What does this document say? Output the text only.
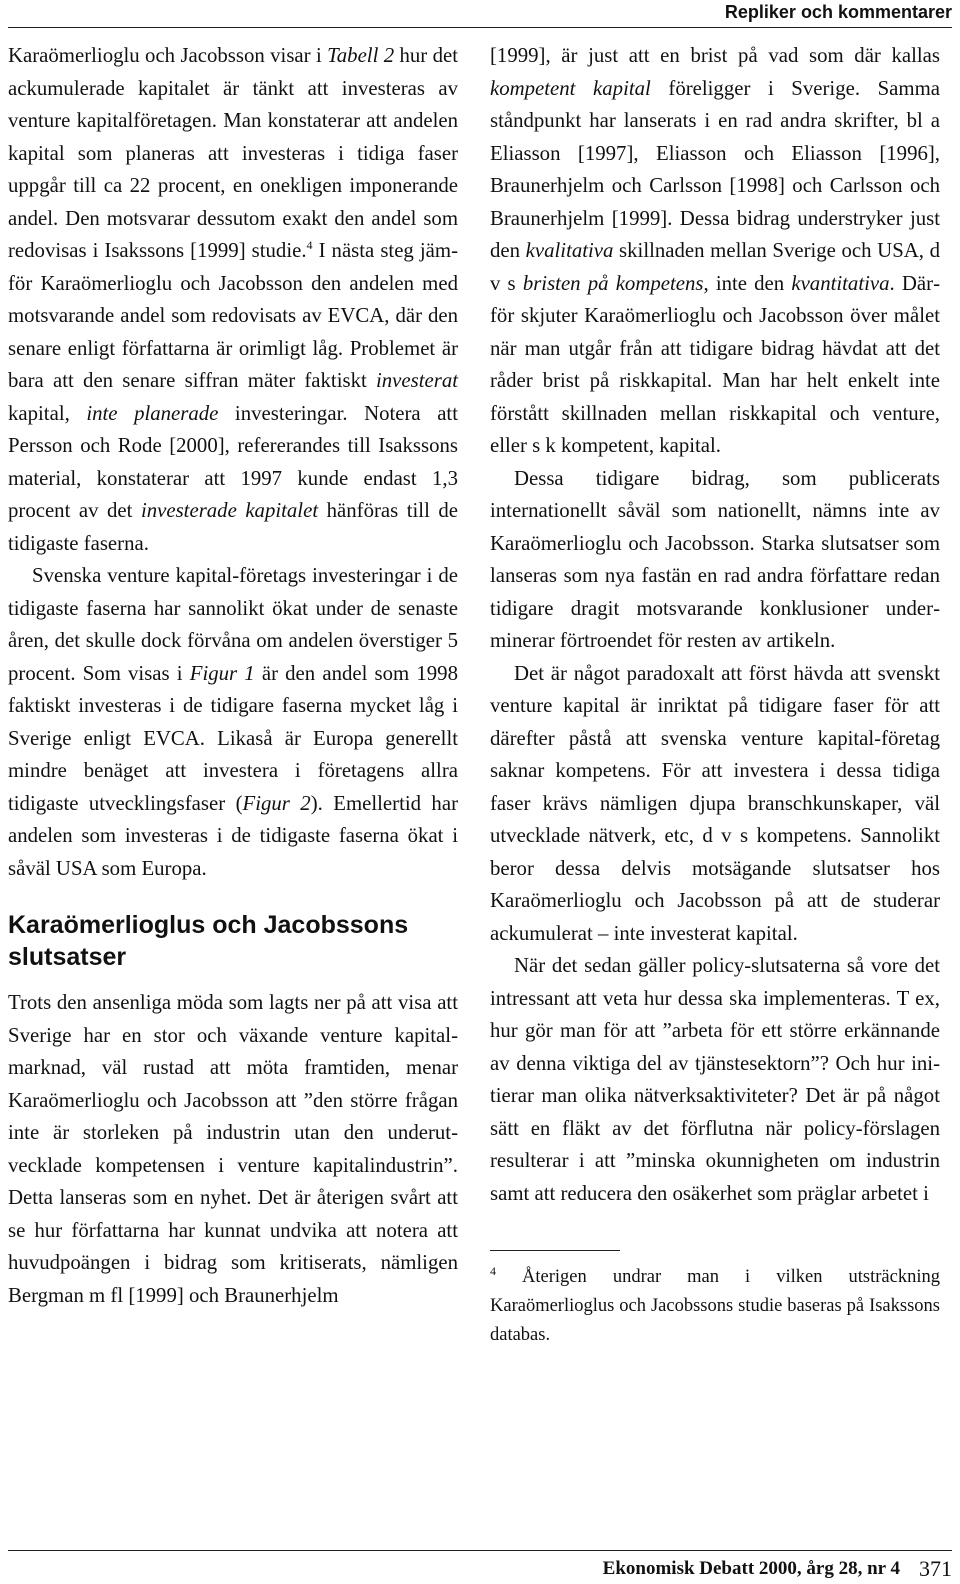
Repliker och kommentarer

Karaömerlioglu och Jacobsson visar i Tabell 2 hur det ackumulerade kapitalet är tänkt att investeras av venture kapitalföretagen. Man konstaterar att andelen kapital som planeras att investeras i tidiga faser uppgår till ca 22 procent, en onekligen imponerande andel. Den motsvarar dessutom exakt den andel som redovisas i Isakssons [1999] studie.$^4$ I nästa steg jämför Karaömerlioglu och Jacobsson den andelen med motsvarande andel som redovisats av EVCA, där den senare enligt författarna är orimligt låg. Problemet är bara att den senare siffran mäter faktiskt investerat kapital, inte planerade investeringar. Notera att Persson och Rode [2000], refererandes till Isakssons material, konstaterar att 1997 kunde endast 1,3 procent av det investerade kapitalet hänföras till de tidigaste faserna.

Svenska venture kapital-företags investeringar i de tidigaste faserna har sannolikt ökat under de senaste åren, det skulle dock förvåna om andelen överstiger 5 procent. Som visas i Figur 1 är den andel som 1998 faktiskt investeras i de tidigare faserna mycket låg i Sverige enligt EVCA. Likaså är Europa generellt mindre benäget att investera i företagens allra tidigaste utvecklingsfaser (Figur 2). Emellertid har andelen som investeras i de tidigaste faserna ökat i såväl USA som Europa.

Karaömerlioglus och Jacobssons slutsatser

Trots den ansenliga möda som lagts ner på att visa att Sverige har en stor och växande venture kapital-marknad, väl rustad att möta framtiden, menar Karaömerlioglu och Jacobsson att ”den större frågan inte är storleken på industrin utan den underutvecklade kompetensen i venture kapitalindustrin”. Detta lanseras som en nyhet. Det är återigen svårt att se hur författarna har kunnat undvika att notera att huvudpoängen i bidrag som kritiserats, nämligen Bergman m fl [1999] och Braunerhjelm

[1999], är just att en brist på vad som där kallas kompetent kapital föreligger i Sverige. Samma ståndpunkt har lanserats i en rad andra skrifter, bl a Eliasson [1997], Eliasson och Eliasson [1996], Braunerhjelm och Carlsson [1998] och Carlsson och Braunerhjelm [1999]. Dessa bidrag understryker just den kvalitativa skillnaden mellan Sverige och USA, d v s bristen på kompetens, inte den kvantitativa. Därför skjuter Karaömerlioglu och Jacobsson över målet när man utgår från att tidigare bidrag hävdat att det råder brist på riskkapital. Man har helt enkelt inte förstått skillnaden mellan riskkapital och venture, eller s k kompetent, kapital.

Dessa tidigare bidrag, som publicerats internationellt såväl som nationellt, nämns inte av Karaömerlioglu och Jacobsson. Starka slutsatser som lanseras som nya fastän en rad andra författare redan tidigare dragit motsvarande konklusioner underminerar förtroendet för resten av artikeln.

Det är något paradoxalt att först hävda att svenskt venture kapital är inriktat på tidigare faser för att därefter påstå att svenska venture kapital-företag saknar kompetens. För att investera i dessa tidiga faser krävs nämligen djupa branschkunskaper, väl utvecklade nätverk, etc, d v s kompetens. Sannolikt beror dessa delvis motsägande slutsatser hos Karaömerlioglu och Jacobsson på att de studerar ackumulerat – inte investerat kapital.

När det sedan gäller policy-slutsaterna så vore det intressant att veta hur dessa ska implementeras. T ex, hur gör man för att ”arbeta för ett större erkännande av denna viktiga del av tjänstesektorn”? Och hur initierar man olika nätverksaktiviteter? Det är på något sätt en fläkt av det förflutna när policy-förslagen resulterar i att ”minska okunnigheten om industrin samt att reducera den osäkerhet som präglar arbetet i

$^4$ Återigen undrar man i vilken utsträckning Karaömerlioglus och Jacobssons studie baseras på Isakssons databas.

Ekonomisk Debatt 2000, årg 28, nr 4 371
